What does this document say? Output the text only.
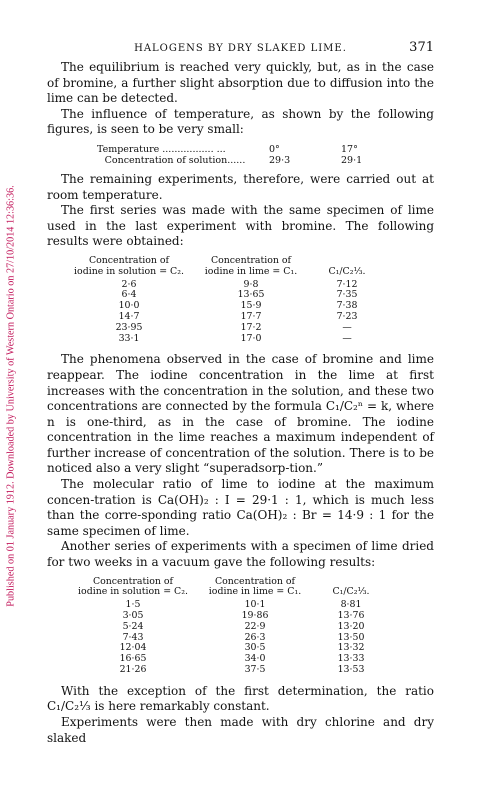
Published on 01 January 1912. Downloaded by University of Western Ontario on 27/10/2014 12:36:36.
HALOGENS BY DRY SLAKED LIME.	371

The equilibrium is reached very quickly, but, as in the case of bromine, a further slight absorption due to diffusion into the lime can be detected.

The influence of temperature, as shown by the following figures, is seen to be very small:

Temperature ................. ...	0°	17°
Concentration of solution......	29·3	29·1

The remaining experiments, therefore, were carried out at room temperature.

The first series was made with the same specimen of lime used in the last experiment with bromine. The following results were obtained:

Concentration of iodine in solution = C₂.	Concentration of iodine in lime = C₁.	C₁/C₂⅓.
2·6	9·8	7·12
6·4	13·65	7·35
10·0	15·9	7·38
14·7	17·7	7·23
23·95	17·2	—
33·1	17·0	—

The phenomena observed in the case of bromine and lime reappear. The iodine concentration in the lime at first increases with the concentration in the solution, and these two concentrations are connected by the formula C₁/C₂ⁿ = k, where n is one-third, as in the case of bromine. The iodine concentration in the lime reaches a maximum independent of further increase of concentration of the solution. There is to be noticed also a very slight “superadsorp-tion.”

The molecular ratio of lime to iodine at the maximum concen-tration is Ca(OH)₂ : I = 29·1 : 1, which is much less than the corre-sponding ratio Ca(OH)₂ : Br = 14·9 : 1 for the same specimen of lime.

Another series of experiments with a specimen of lime dried for two weeks in a vacuum gave the following results:

Concentration of iodine in solution = C₂.	Concentration of iodine in lime = C₁.	C₁/C₂⅓.
1·5	10·1	8·81
3·05	19·86	13·76
5·24	22·9	13·20
7·43	26·3	13·50
12·04	30·5	13·32
16·65	34·0	13·33
21·26	37·5	13·53

With the exception of the first determination, the ratio C₁/C₂⅓ is here remarkably constant.

Experiments were then made with dry chlorine and dry slaked
